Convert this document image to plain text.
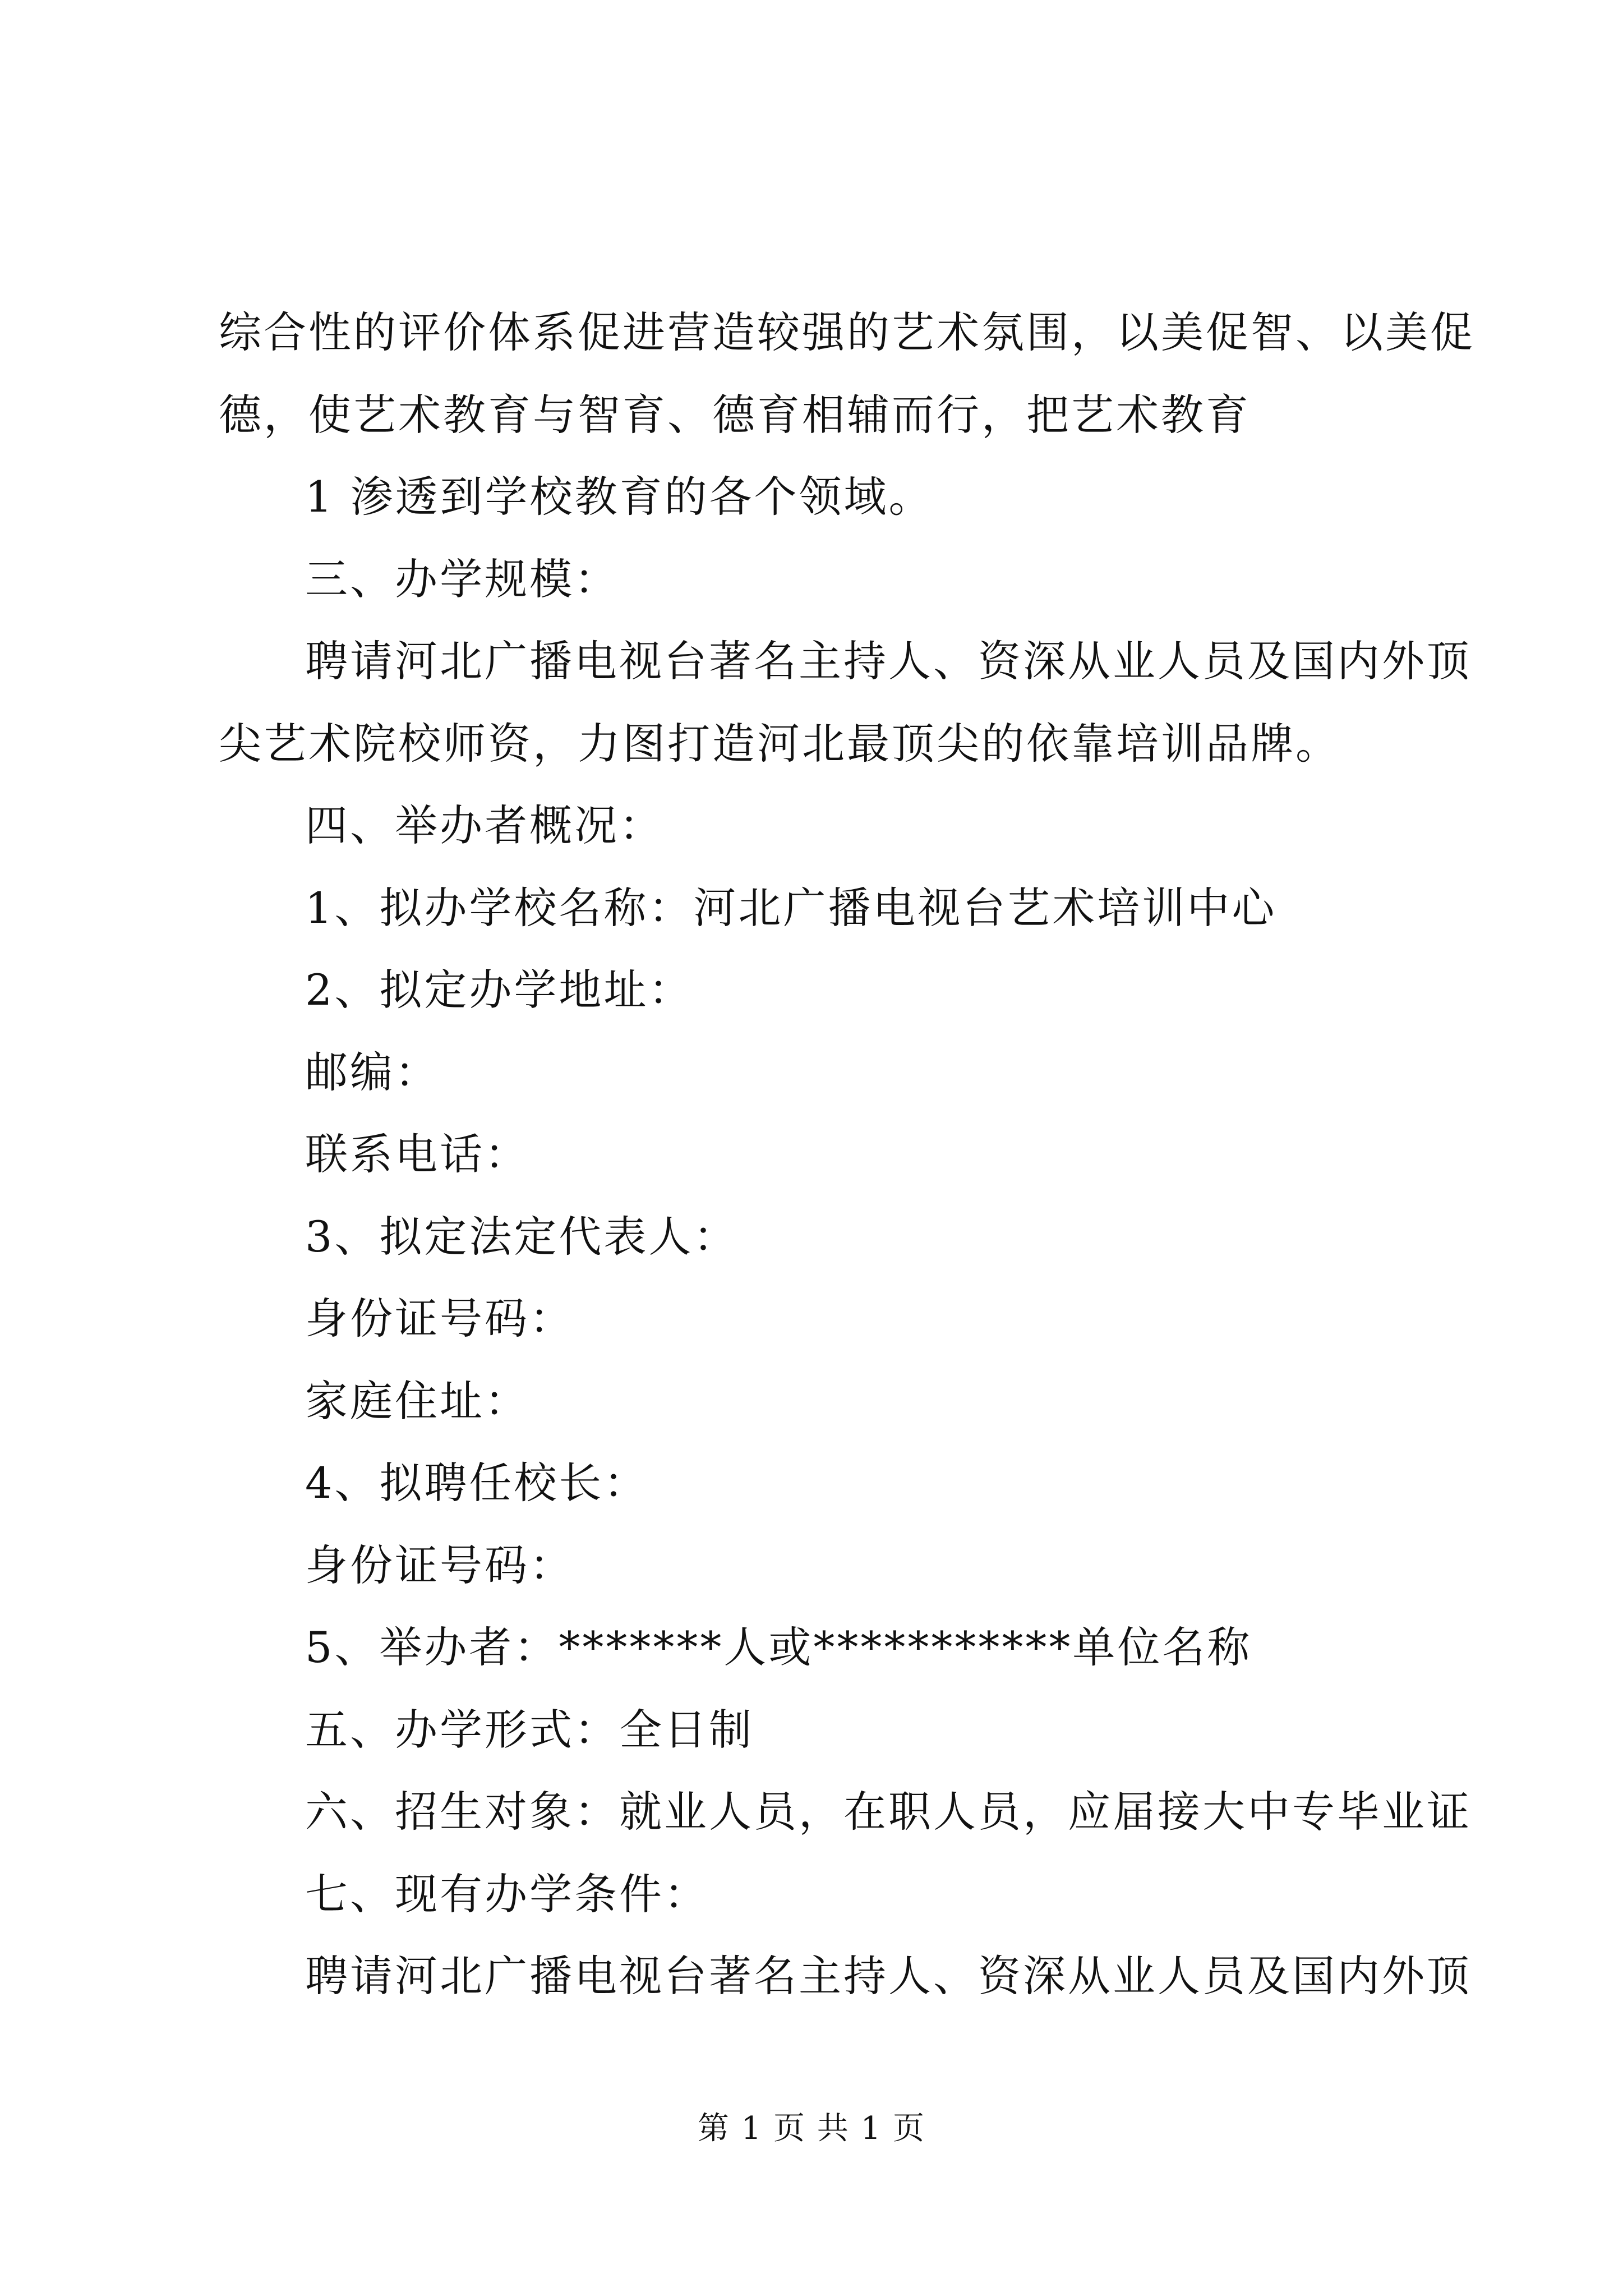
综合性的评价体系促进营造较强的艺术氛围，以美促智、以美促
德，使艺术教育与智育、德育相辅而行，把艺术教育
1 渗透到学校教育的各个领域。
三、办学规模：
聘请河北广播电视台著名主持人、资深从业人员及国内外顶
尖艺术院校师资，力图打造河北最顶尖的依靠培训品牌。
四、举办者概况：
1、拟办学校名称：河北广播电视台艺术培训中心
2、拟定办学地址：
邮编：
联系电话：
3、拟定法定代表人：
身份证号码：
家庭住址：
4、拟聘任校长：
身份证号码：
5、举办者：*******人或***********单位名称
五、办学形式：全日制
六、招生对象：就业人员，在职人员，应届接大中专毕业证
七、现有办学条件：
聘请河北广播电视台著名主持人、资深从业人员及国内外顶
第 1 页 共 1 页
